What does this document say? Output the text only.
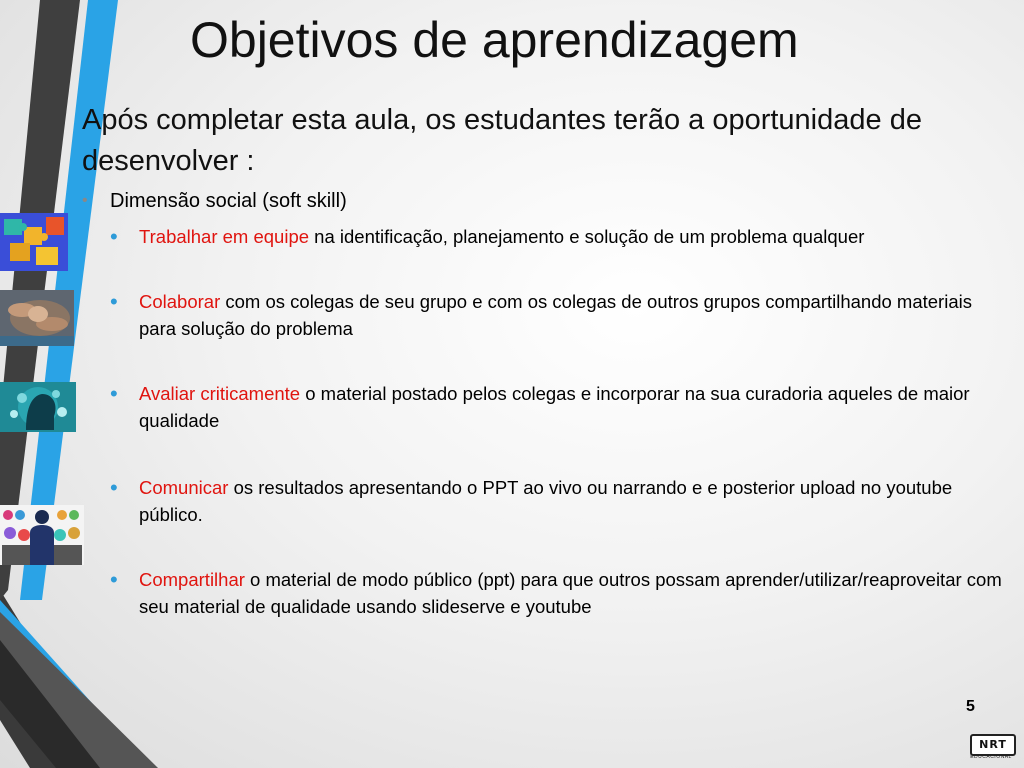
Objetivos de aprendizagem

Após completar esta aula, os estudantes terão a oportunidade de desenvolver :

•	Dimensão social (soft skill)
•	Trabalhar em equipe na identificação, planejamento e solução de um problema qualquer
•	Colaborar com os colegas de seu grupo e com os colegas de outros grupos compartilhando materiais para solução do problema
•	Avaliar criticamente o material postado pelos colegas e incorporar na sua curadoria aqueles de maior qualidade
•	Comunicar os resultados apresentando o PPT ao vivo ou narrando e e posterior upload no youtube público.
•	Compartilhar o material de modo público (ppt) para que outros possam aprender/utilizar/reaproveitar com seu material de qualidade usando slideserve e youtube
5
NRT
EDUCACIONAL
